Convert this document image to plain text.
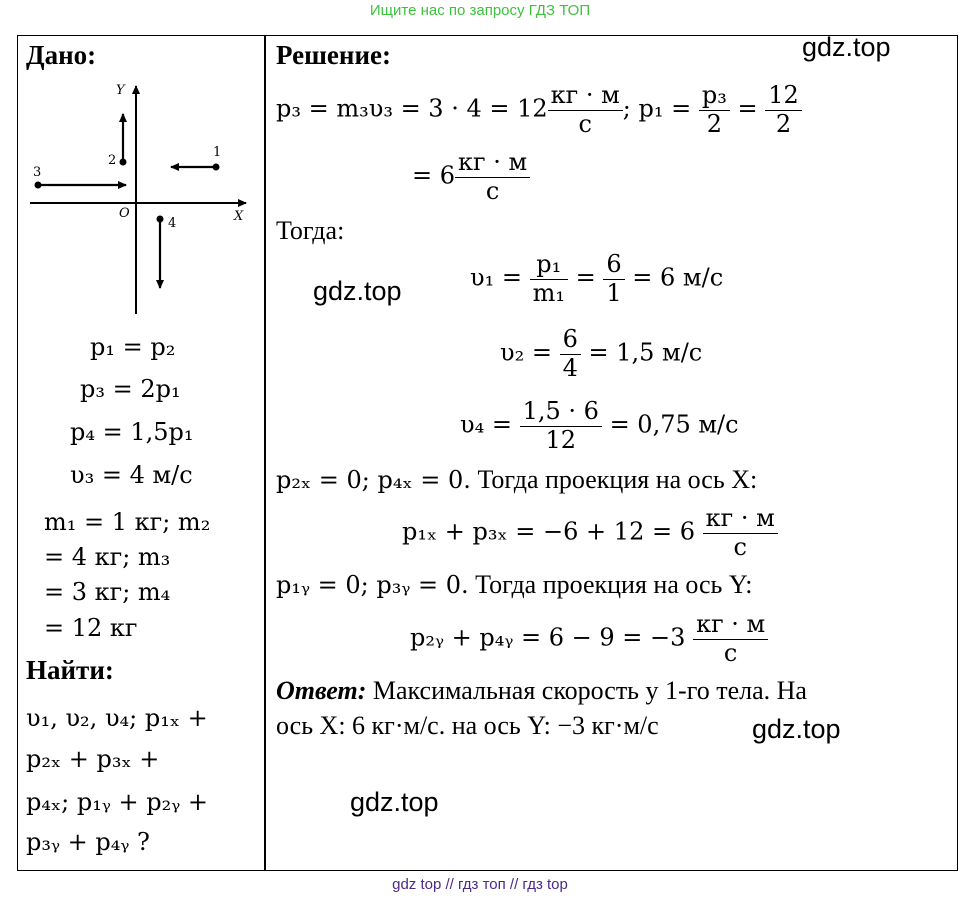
Ищите нас по запросу ГДЗ ТОП
Дано:
Y
X
O
3
2
1
4
p₁ = p₂
p₃ = 2p₁
p₄ = 1,5p₁
υ₃ = 4 м/с
m₁ = 1 кг; m₂
= 4 кг; m₃
= 3 кг; m₄
= 12 кг
Найти:
υ₁, υ₂, υ₄; p₁ₓ +
p₂ₓ + p₃ₓ +
p₄ₓ; p₁ᵧ + p₂ᵧ +
p₃ᵧ + p₄ᵧ ?
Решение:
$p_3 = m_3\upsilon_3 = 3 \cdot 4 = 12 \frac{кг \cdot м}{с}$ ; $p_1 = \frac{\text{p₃}}{2} = \frac{12}{2}$
= $6 \frac{кг \cdot м}{с}$
Тогда:
$\upsilon_1 = \frac{\text{p₁}}{\text{m₁}} = \frac{6}{1} = 6$ м/с
$\upsilon_2 = \frac{6}{4} = 1,5$ м/с
$\upsilon_4 = \frac{1,5 \cdot 6}{12} = 0,75$ м/с
p₂ₓ = 0; p₄ₓ = 0. Тогда проекция на ось X:
$p_{1x} + p_{3x} = -6 + 12 = 6 \frac{кг \cdot м}{с}$
p₁ᵧ = 0; p₃ᵧ = 0. Тогда проекция на ось Y:
p₂ᵧ + p₄ᵧ = $6 - 9 = -3 \frac{кг \cdot м}{с}$
Ответ: Максимальная скорость у 1-го тела. На
ось X: 6 кг·м/с. на ось Y: −3 кг·м/с
gdz.top
gdz.top
gdz.top
gdz.top
gdz top // гдз топ // гдз top
